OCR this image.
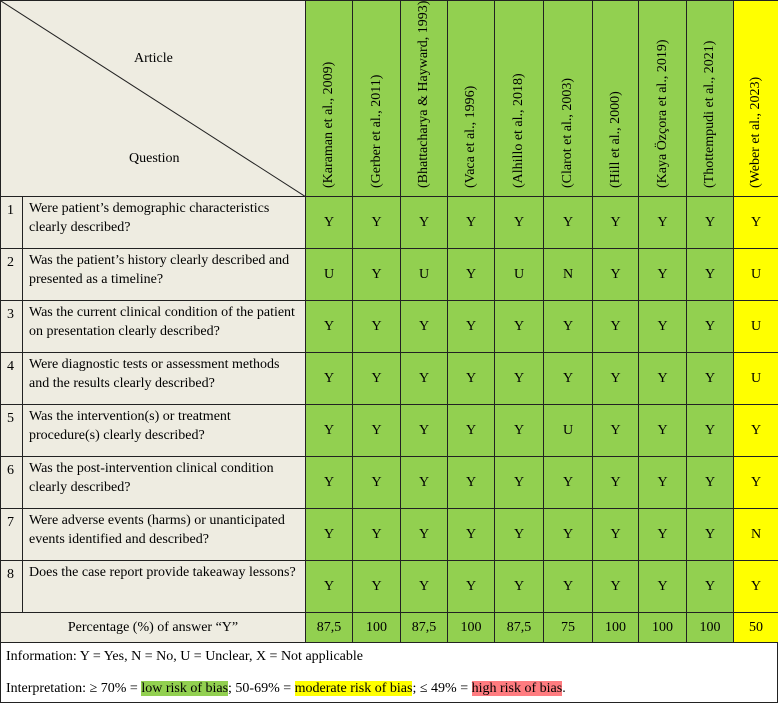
Article
Question		(Karaman et al., 2009)	(Gerber et al., 2011)	(Bhattacharya & Hayward, 1993)	(Vaca et al., 1996)	(Alhillo et al., 2018)	(Clarot et al., 2003)	(Hill et al., 2000)	(Kaya Özçora et al., 2019)	(Thottempudi et al., 2021)	(Weber et al., 2023)

1	Were patient’s demographic characteristics clearly described?	Y	Y	Y	Y	Y	Y	Y	Y	Y	Y
2	Was the patient’s history clearly described and presented as a timeline?	U	Y	U	Y	U	N	Y	Y	Y	U
3	Was the current clinical condition of the patient on presentation clearly described?	Y	Y	Y	Y	Y	Y	Y	Y	Y	U
4	Were diagnostic tests or assessment methods and the results clearly described?	Y	Y	Y	Y	Y	Y	Y	Y	Y	U
5	Was the intervention(s) or treatment procedure(s) clearly described?	Y	Y	Y	Y	Y	U	Y	Y	Y	Y
6	Was the post-intervention clinical condition clearly described?	Y	Y	Y	Y	Y	Y	Y	Y	Y	Y
7	Were adverse events (harms) or unanticipated events identified and described?	Y	Y	Y	Y	Y	Y	Y	Y	Y	N
8	Does the case report provide takeaway lessons?	Y	Y	Y	Y	Y	Y	Y	Y	Y	Y
Percentage (%) of answer “Y”		87,5	100	87,5	100	87,5	75	100	100	100	50
Information: Y = Yes, N = No, U = Unclear, X = Not applicable
Interpretation: ≥ 70% = low risk of bias; 50-69% = moderate risk of bias; ≤ 49% = high risk of bias.
